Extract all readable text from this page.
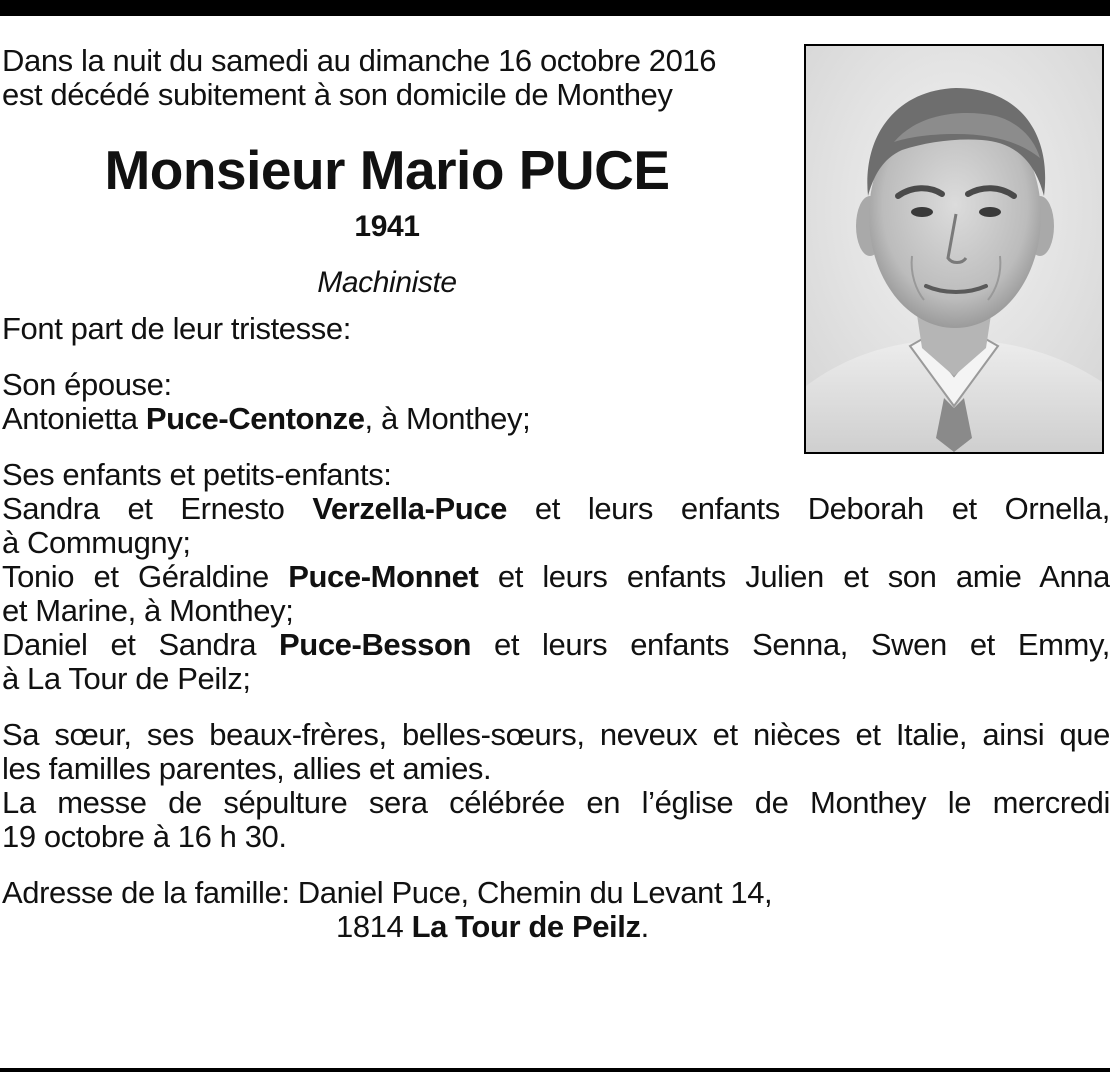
Dans la nuit du samedi au dimanche 16 octobre 2016
est décédé subitement à son domicile de Monthey

Monsieur Mario PUCE
1941
Machiniste

Font part de leur tristesse:

Son épouse:
Antonietta Puce-Centonze, à Monthey;

Ses enfants et petits-enfants:
Sandra et Ernesto Verzella-Puce et leurs enfants Deborah et Ornella,
à Commugny;
Tonio et Géraldine Puce-Monnet et leurs enfants Julien et son amie Anna
et Marine, à Monthey;
Daniel et Sandra Puce-Besson et leurs enfants Senna, Swen et Emmy,
à La Tour de Peilz;
Sa sœur, ses beaux-frères, belles-sœurs, neveux et nièces et Italie, ainsi que
les familles parentes, allies et amies.
La messe de sépulture sera célébrée en l’église de Monthey le mercredi
19 octobre à 16 h 30.
Adresse de la famille: Daniel Puce, Chemin du Levant 14,
1814 La Tour de Peilz.
